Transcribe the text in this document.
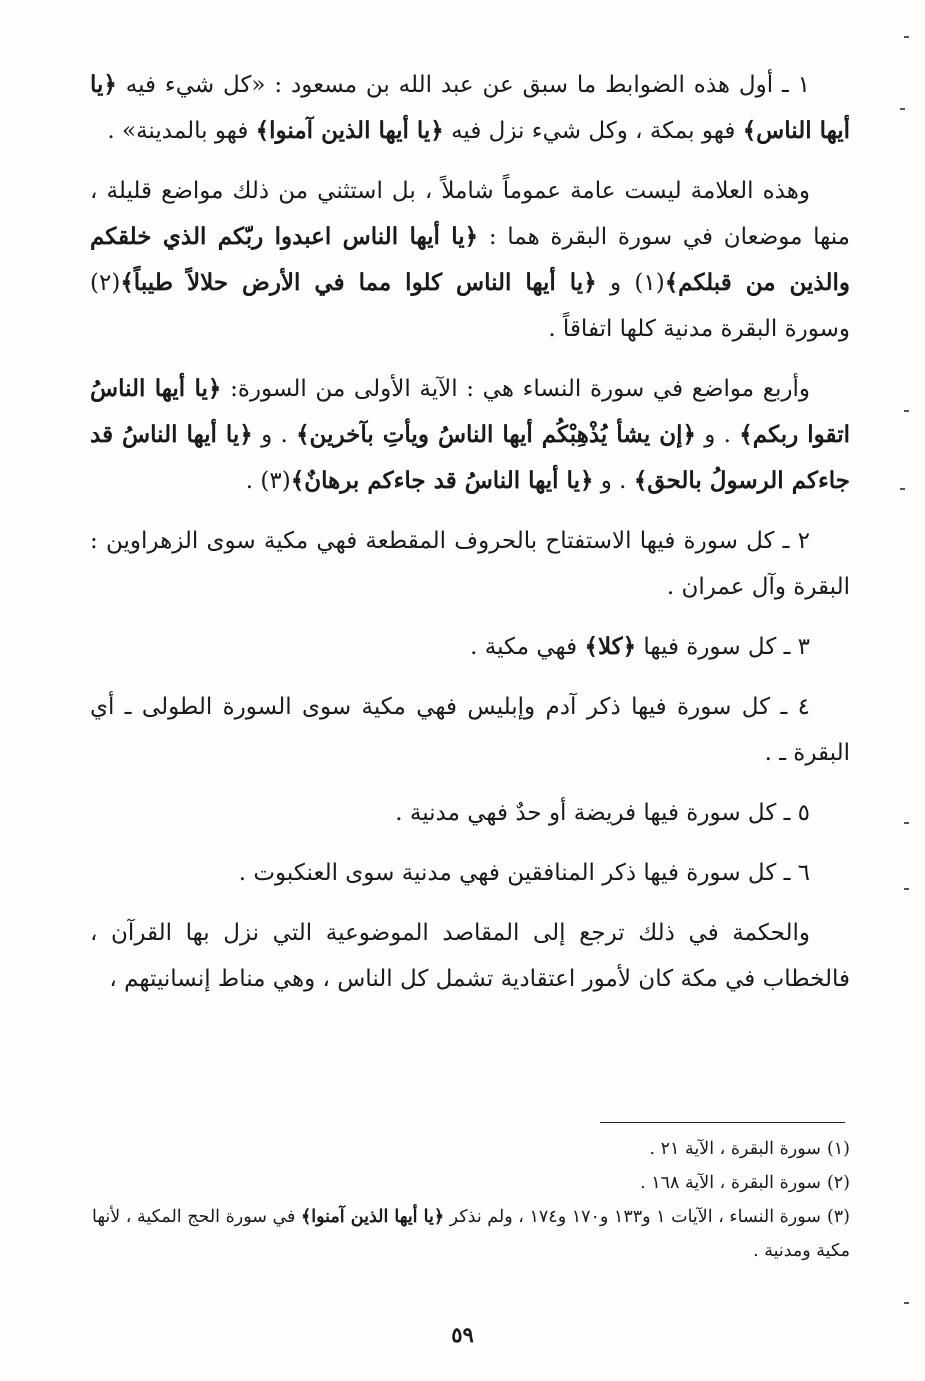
١ ـ أول هذه الضوابط ما سبق عن عبد الله بن مسعود : «كل شيء فيه ﴿يا أيها الناس﴾ فهو بمكة ، وكل شيء نزل فيه ﴿يا أيها الذين آمنوا﴾ فهو بالمدينة» .

وهذه العلامة ليست عامة عموماً شاملاً ، بل استثني من ذلك مواضع قليلة ، منها موضعان في سورة البقرة هما : ﴿يا أيها الناس اعبدوا ربّكم الذي خلقكم والذين من قبلكم﴾(١) و ﴿يا أيها الناس كلوا مما في الأرض حلالاً طيباً﴾(٢) وسورة البقرة مدنية كلها اتفاقاً .

وأربع مواضع في سورة النساء هي : الآية الأولى من السورة: ﴿يا أيها الناسُ اتقوا ربكم﴾ . و ﴿إن يشأ يُذْهِبْكُم أيها الناسُ ويأتِ بآخرين﴾ . و ﴿يا أيها الناسُ قد جاءكم الرسولُ بالحق﴾ . و ﴿يا أيها الناسُ قد جاءكم برهانٌ﴾(٣) .

٢ ـ كل سورة فيها الاستفتاح بالحروف المقطعة فهي مكية سوى الزهراوين : البقرة وآل عمران .

٣ ـ كل سورة فيها ﴿كلا﴾ فهي مكية .

٤ ـ كل سورة فيها ذكر آدم وإبليس فهي مكية سوى السورة الطولى ـ أي البقرة ـ .

٥ ـ كل سورة فيها فريضة أو حدٌ فهي مدنية .

٦ ـ كل سورة فيها ذكر المنافقين فهي مدنية سوى العنكبوت .

والحكمة في ذلك ترجع إلى المقاصد الموضوعية التي نزل بها القرآن ، فالخطاب في مكة كان لأمور اعتقادية تشمل كل الناس ، وهي مناط إنسانيتهم ،

(١)سورة البقرة ، الآية ٢١ .

(٢)سورة البقرة ، الآية ١٦٨ .

(٣)سورة النساء ، الآيات ١ و١٣٣ و١٧٠ و١٧٤ ، ولم نذكر ﴿يا أيها الذين آمنوا﴾ في سورة الحج المكية ، لأنها مكية ومدنية .

٥٩
